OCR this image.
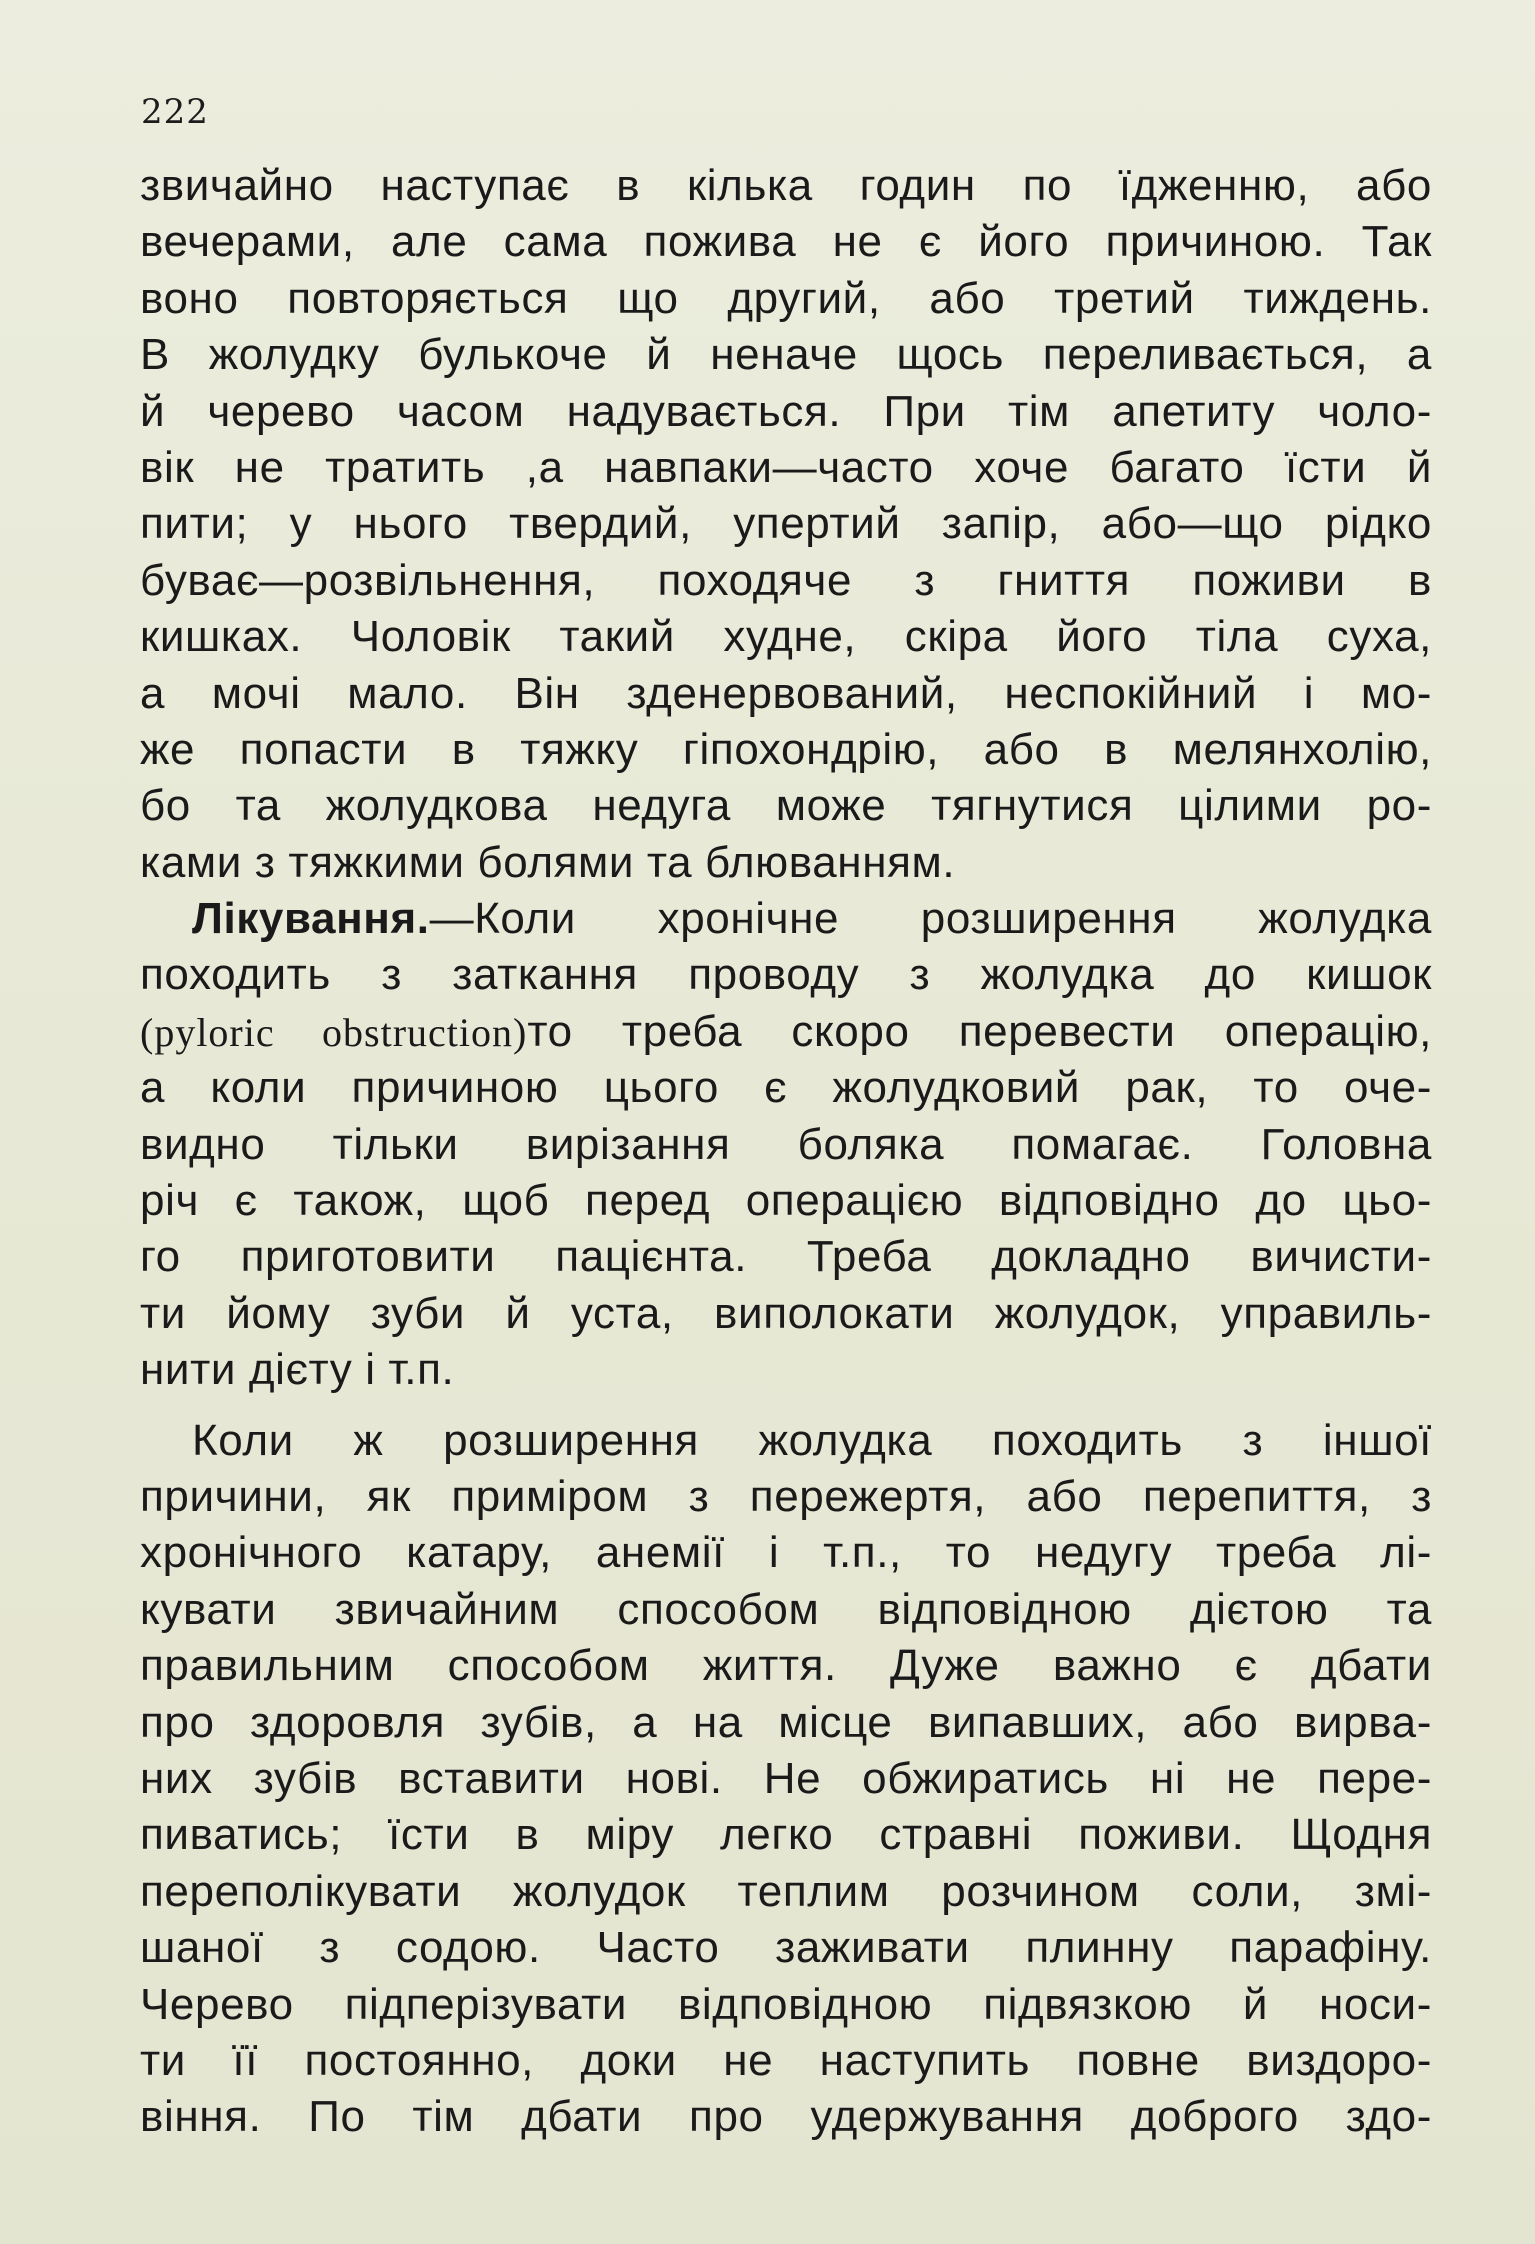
222
звичайно наступає в кілька годин по їдженню, або
вечерами, але сама пожива не є його причиною. Так
воно повторяється що другий, або третий тиждень.
В жолудку булькоче й неначе щось переливається, а
й черево часом надувається. При тім апетиту чоло-
вік не тратить ,а навпаки—часто хоче багато їсти й
пити; у нього твердий, упертий запір, або—що рідко
буває—розвільнення, походяче з гниття поживи в
кишках. Чоловік такий худне, скіра його тіла суха,
а мочі мало. Він зденервований, неспокійний і мо-
же попасти в тяжку гіпохондрію, або в мелянхолію,
бо та жолудкова недуга може тягнутися цілими ро-
ками з тяжкими болями та блюванням.
Лікування.—Коли хронічне розширення жолудка
походить з заткання проводу з жолудка до кишок
(pyloric obstruction)то треба скоро перевести операцію,
а коли причиною цього є жолудковий рак, то оче-
видно тільки вирізання боляка помагає. Головна
річ є також, щоб перед операцією відповідно до цьо-
го приготовити пацієнта. Треба докладно вичисти-
ти йому зуби й уста, виполокати жолудок, управиль-
нити дієту і т.п.
Коли ж розширення жолудка походить з іншої
причини, як приміром з пережертя, або перепиття, з
хронічного катару, анемії і т.п., то недугу треба лі-
кувати звичайним способом відповідною дієтою та
правильним способом життя. Дуже важно є дбати
про здоровля зубів, а на місце випавших, або вирва-
них зубів вставити нові. Не обжиратись ні не пере-
пиватись; їсти в міру легко стравні поживи. Щодня
переполікувати жолудок теплим розчином соли, змі-
шаної з содою. Часто заживати плинну парафіну.
Черево підперізувати відповідною підвязкою й носи-
ти її постоянно, доки не наступить повне виздоро-
віння. По тім дбати про удержування доброго здо-
